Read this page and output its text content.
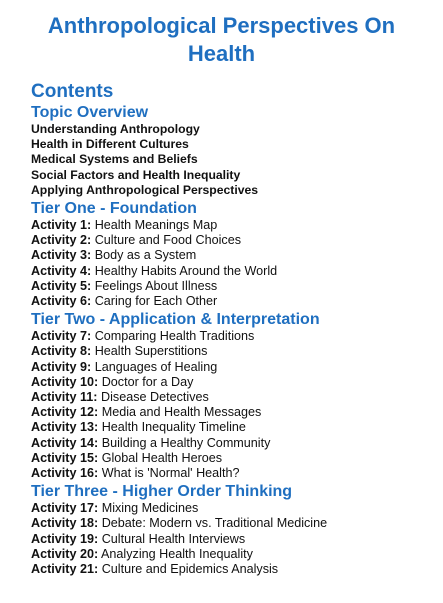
Anthropological Perspectives On Health
Contents
Topic Overview
Understanding Anthropology
Health in Different Cultures
Medical Systems and Beliefs
Social Factors and Health Inequality
Applying Anthropological Perspectives
Tier One - Foundation
Activity 1: Health Meanings Map
Activity 2: Culture and Food Choices
Activity 3: Body as a System
Activity 4: Healthy Habits Around the World
Activity 5: Feelings About Illness
Activity 6: Caring for Each Other
Tier Two - Application & Interpretation
Activity 7: Comparing Health Traditions
Activity 8: Health Superstitions
Activity 9: Languages of Healing
Activity 10: Doctor for a Day
Activity 11: Disease Detectives
Activity 12: Media and Health Messages
Activity 13: Health Inequality Timeline
Activity 14: Building a Healthy Community
Activity 15: Global Health Heroes
Activity 16: What is 'Normal' Health?
Tier Three - Higher Order Thinking
Activity 17: Mixing Medicines
Activity 18: Debate: Modern vs. Traditional Medicine
Activity 19: Cultural Health Interviews
Activity 20: Analyzing Health Inequality
Activity 21: Culture and Epidemics Analysis
